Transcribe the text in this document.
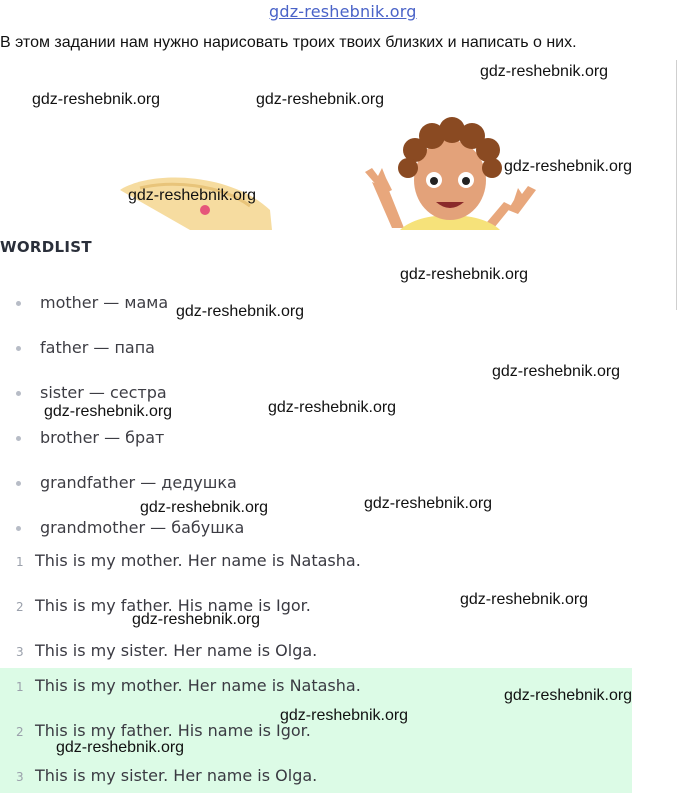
gdz-reshebnik.org
В этом задании нам нужно нарисовать троих твоих близких и написать о них.
WORDLIST
mother — мама
father — папа
sister — сестра
brother — брат
grandfather — дедушка
grandmother — бабушка
1 This is my mother. Her name is Natasha.
2 This is my father. His name is Igor.
3 This is my sister. Her name is Olga.
1 This is my mother. Her name is Natasha.
2 This is my father. His name is Igor.
3 This is my sister. Her name is Olga.
gdz-reshebnik.org
gdz-reshebnik.org	gdz-reshebnik.org
gdz-reshebnik.org
gdz-reshebnik.org
gdz-reshebnik.org
gdz-reshebnik.org
gdz-reshebnik.org
gdz-reshebnik.org	gdz-reshebnik.org
gdz-reshebnik.org
gdz-reshebnik.org
gdz-reshebnik.org
gdz-reshebnik.org
gdz-reshebnik.org
gdz-reshebnik.org
gdz-reshebnik.org
